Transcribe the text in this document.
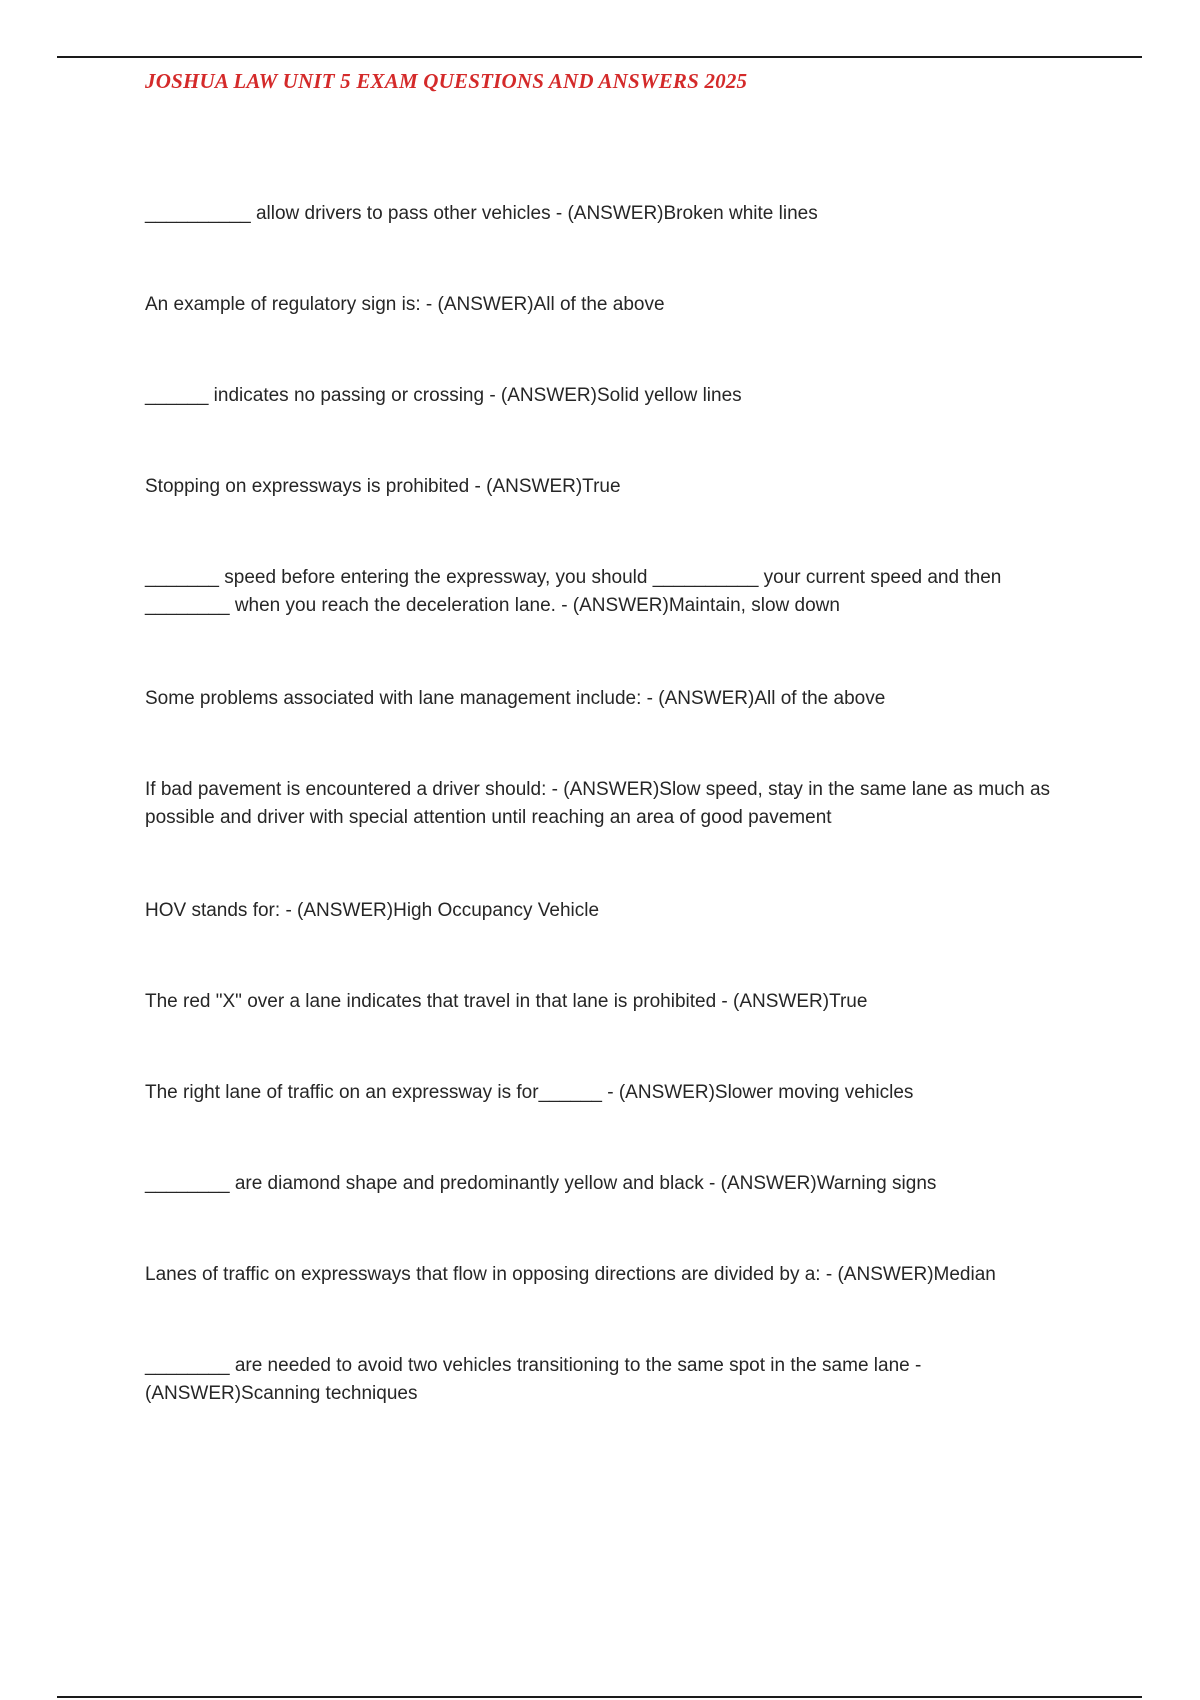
JOSHUA LAW UNIT 5 EXAM QUESTIONS AND ANSWERS 2025
__________ allow drivers to pass other vehicles - (ANSWER)Broken white lines
An example of regulatory sign is: - (ANSWER)All of the above
______ indicates no passing or crossing - (ANSWER)Solid yellow lines
Stopping on expressways is prohibited - (ANSWER)True
_______ speed before entering the expressway, you should __________ your current speed and then ________ when you reach the deceleration lane. - (ANSWER)Maintain, slow down
Some problems associated with lane management include: - (ANSWER)All of the above
If bad pavement is encountered a driver should: - (ANSWER)Slow speed, stay in the same lane as much as possible and driver with special attention until reaching an area of good pavement
HOV stands for: - (ANSWER)High Occupancy Vehicle
The red "X" over a lane indicates that travel in that lane is prohibited - (ANSWER)True
The right lane of traffic on an expressway is for______ - (ANSWER)Slower moving vehicles
________ are diamond shape and predominantly yellow and black - (ANSWER)Warning signs
Lanes of traffic on expressways that flow in opposing directions are divided by a: - (ANSWER)Median
________ are needed to avoid two vehicles transitioning to the same spot in the same lane - (ANSWER)Scanning techniques
